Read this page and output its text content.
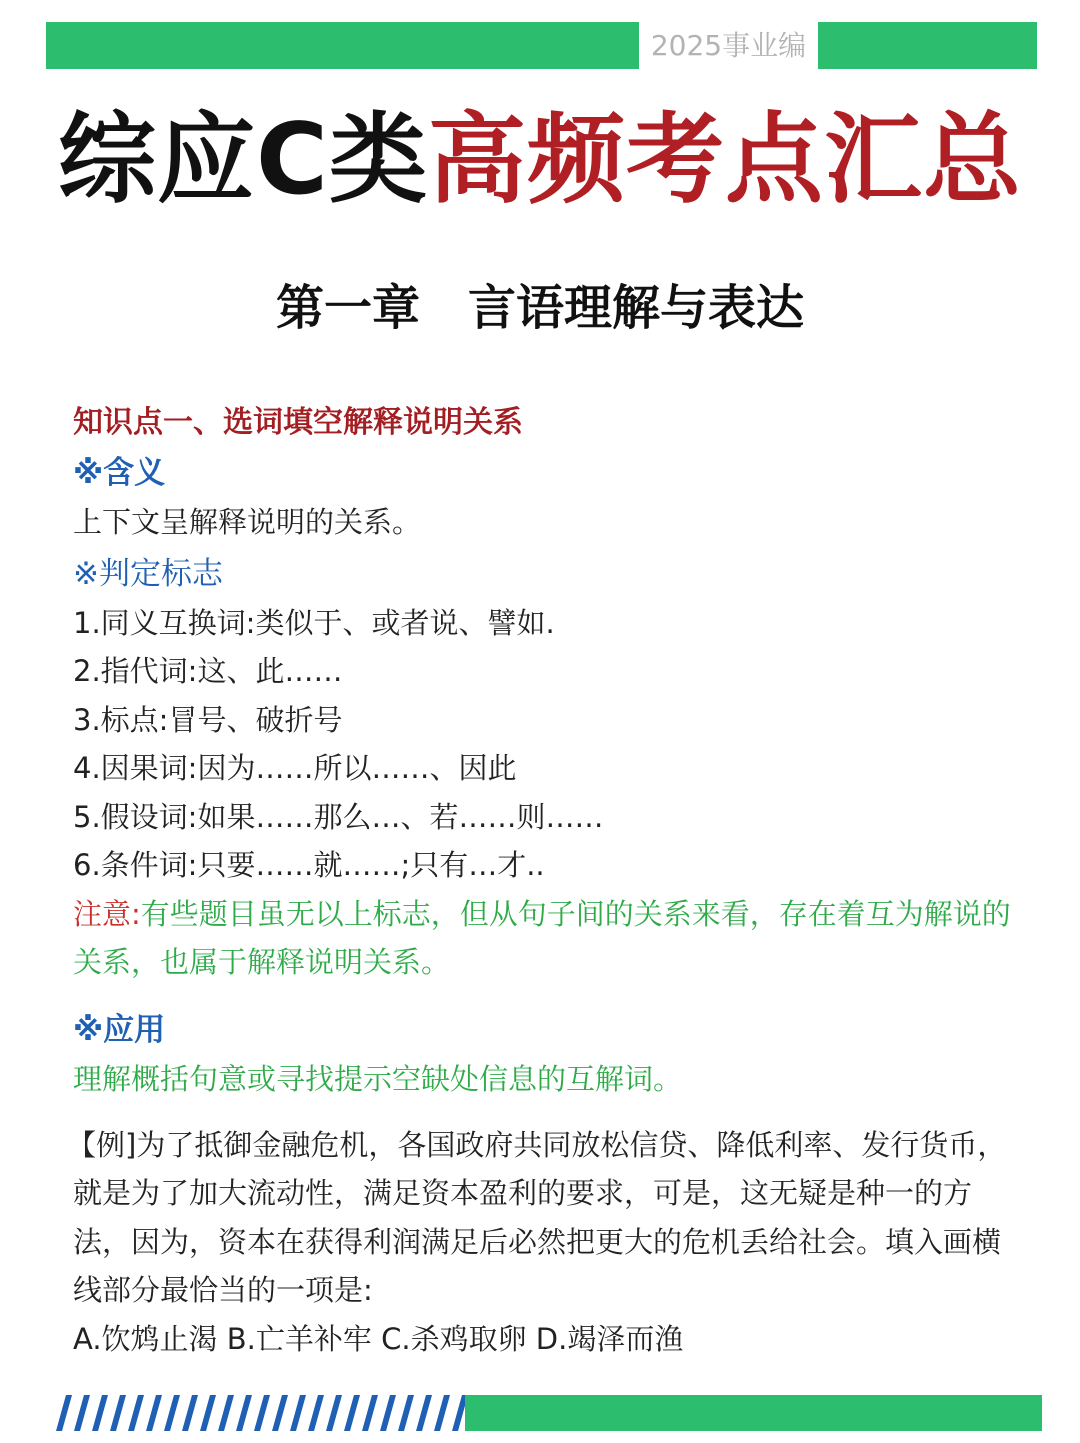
2025事业编
综应C类高频考点汇总
第一章　言语理解与表达

知识点一、选词填空解释说明关系

※含义

上下文呈解释说明的关系。

※判定标志

1.同义互换词:类似于、或者说、譬如.

2.指代词:这、此……

3.标点:冒号、破折号

4.因果词:因为……所以……、因此

5.假设词:如果……那么…、若……则……

6.条件词:只要……就……;只有…才..

注意:有些题目虽无以上标志，但从句子间的关系来看，存在着互为解说的关系，也属于解释说明关系。

※应用

理解概括句意或寻找提示空缺处信息的互解词。

【例]为了抵御金融危机，各国政府共同放松信贷、降低利率、发行货币，就是为了加大流动性，满足资本盈利的要求，可是，这无疑是种一的方法，因为，资本在获得利润满足后必然把更大的危机丢给社会。填入画横线部分最恰当的一项是:

A.饮鸩止渴 B.亡羊补牢 C.杀鸡取卵 D.竭泽而渔
